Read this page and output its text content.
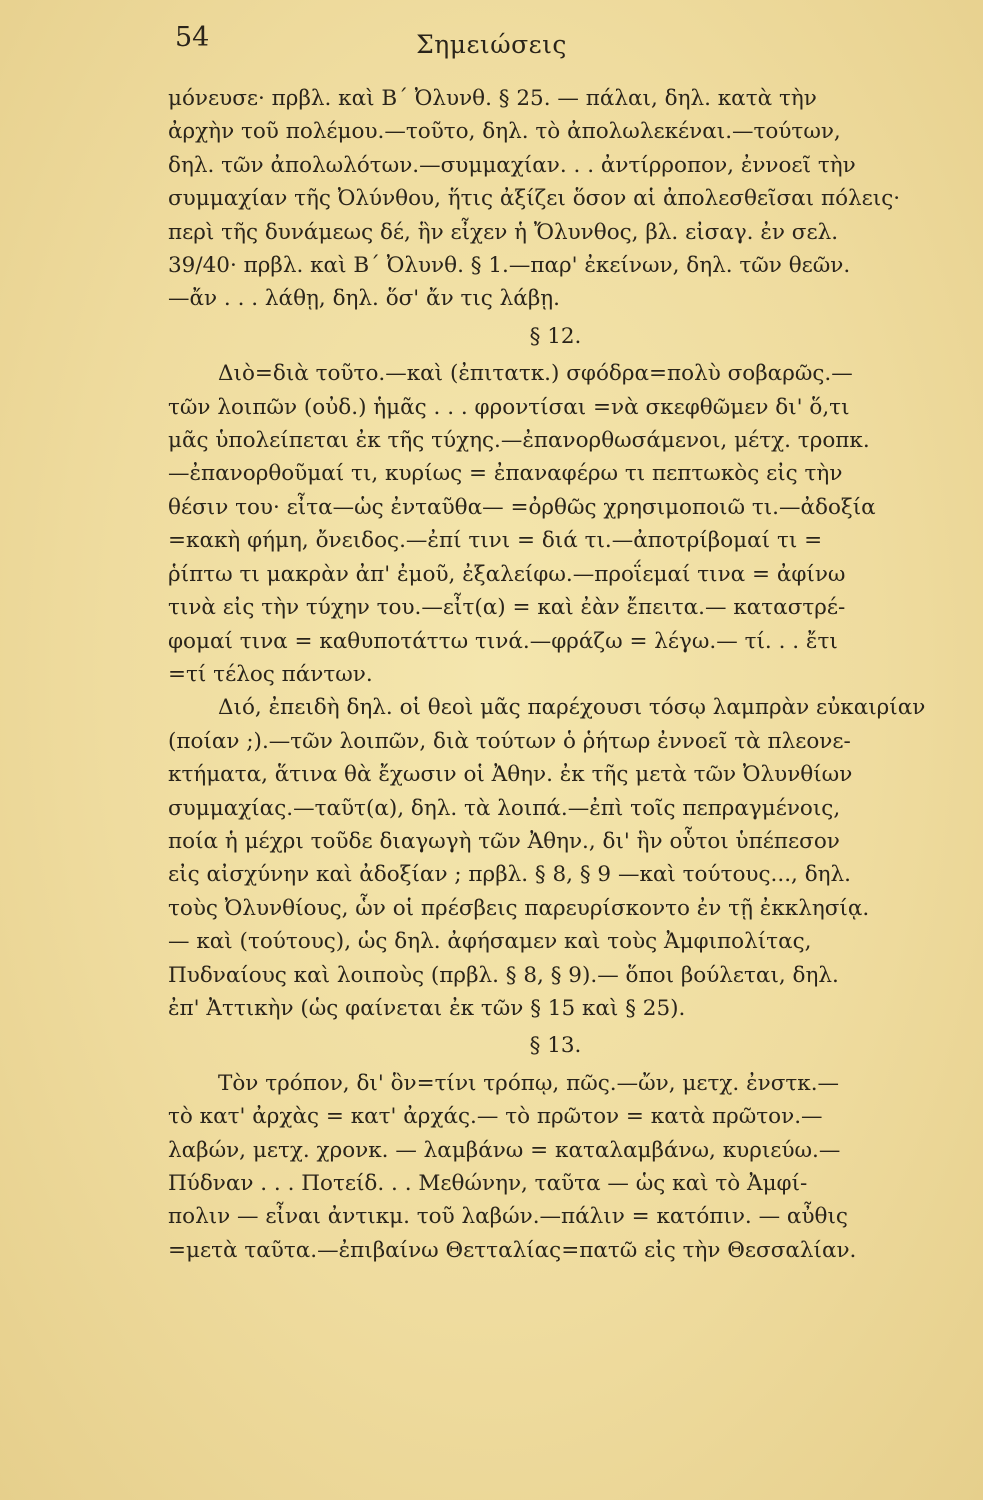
54	Σημειώσεις
μόνευσε· πρβλ. καὶ Β΄ Ὀλυνθ. § 25. — πάλαι, δηλ. κατὰ τὴν
ἀρχὴν τοῦ πολέμου.—τοῦτο, δηλ. τὸ ἀπολωλεκέναι.—τούτων,
δηλ. τῶν ἀπολωλότων.—συμμαχίαν. . . ἀντίρροπον, ἐννοεῖ τὴν
συμμαχίαν τῆς Ὀλύνθου, ἥτις ἀξίζει ὅσον αἱ ἀπολεσθεῖσαι πόλεις·
περὶ τῆς δυνάμεως δέ, ἣν εἶχεν ἡ Ὄλυνθος, βλ. εἰσαγ. ἐν σελ.
39/40· πρβλ. καὶ Β΄ Ὀλυνθ. § 1.—παρ' ἐκείνων, δηλ. τῶν θεῶν.
—ἄν . . . λάθῃ, δηλ. ὅσ' ἄν τις λάβῃ.
§ 12.
Διὸ=διὰ τοῦτο.—καὶ (ἐπιτατκ.) σφόδρα=πολὺ σοβαρῶς.—
τῶν λοιπῶν (οὐδ.) ἡμᾶς . . . φροντίσαι =νὰ σκεφθῶμεν δι' ὅ,τι
μᾶς ὑπολείπεται ἐκ τῆς τύχης.—ἐπανορθωσάμενοι, μέτχ. τροπκ.
—ἐπανορθοῦμαί τι, κυρίως = ἐπαναφέρω τι πεπτωκὸς εἰς τὴν
θέσιν του· εἶτα—ὡς ἐνταῦθα— =ὀρθῶς χρησιμοποιῶ τι.—ἀδοξία
=κακὴ φήμη, ὄνειδος.—ἐπί τινι = διά τι.—ἀποτρίβομαί τι =
ῥίπτω τι μακρὰν ἀπ' ἐμοῦ, ἐξαλείφω.—προΐεμαί τινα = ἀφίνω
τινὰ εἰς τὴν τύχην του.—εἶτ(α) = καὶ ἐὰν ἔπειτα.— καταστρέ-
φομαί τινα = καθυποτάττω τινά.—φράζω = λέγω.— τί. . . ἔτι
=τί τέλος πάντων.
Διό, ἐπειδὴ δηλ. οἱ θεοὶ μᾶς παρέχουσι τόσῳ λαμπρὰν εὐκαιρίαν
(ποίαν ;).—τῶν λοιπῶν, διὰ τούτων ὁ ῥήτωρ ἐννοεῖ τὰ πλεονε-
κτήματα, ἅτινα θὰ ἔχωσιν οἱ Ἀθην. ἐκ τῆς μετὰ τῶν Ὀλυνθίων
συμμαχίας.—ταῦτ(α), δηλ. τὰ λοιπά.—ἐπὶ τοῖς πεπραγμένοις,
ποία ἡ μέχρι τοῦδε διαγωγὴ τῶν Ἀθην., δι' ἣν οὗτοι ὑπέπεσον
εἰς αἰσχύνην καὶ ἀδοξίαν ; πρβλ. § 8, § 9 —καὶ τούτους..., δηλ.
τοὺς Ὀλυνθίους, ὧν οἱ πρέσβεις παρευρίσκοντο ἐν τῇ ἐκκλησίᾳ.
— καὶ (τούτους), ὡς δηλ. ἀφήσαμεν καὶ τοὺς Ἀμφιπολίτας,
Πυδναίους καὶ λοιποὺς (πρβλ. § 8, § 9).— ὅποι βούλεται, δηλ.
ἐπ' Ἀττικὴν (ὡς φαίνεται ἐκ τῶν § 15 καὶ § 25).
§ 13.
Τὸν τρόπον, δι' ὃν=τίνι τρόπῳ, πῶς.—ὤν, μετχ. ἐνστκ.—
τὸ κατ' ἀρχὰς = κατ' ἀρχάς.— τὸ πρῶτον = κατὰ πρῶτον.—
λαβών, μετχ. χρονκ. — λαμβάνω = καταλαμβάνω, κυριεύω.—
Πύδναν . . . Ποτείδ. . . Μεθώνην, ταῦτα — ὡς καὶ τὸ Ἀμφί-
πολιν — εἶναι ἀντικμ. τοῦ λαβών.—πάλιν = κατόπιν. — αὖθις
=μετὰ ταῦτα.—ἐπιβαίνω Θετταλίας=πατῶ εἰς τὴν Θεσσαλίαν.
